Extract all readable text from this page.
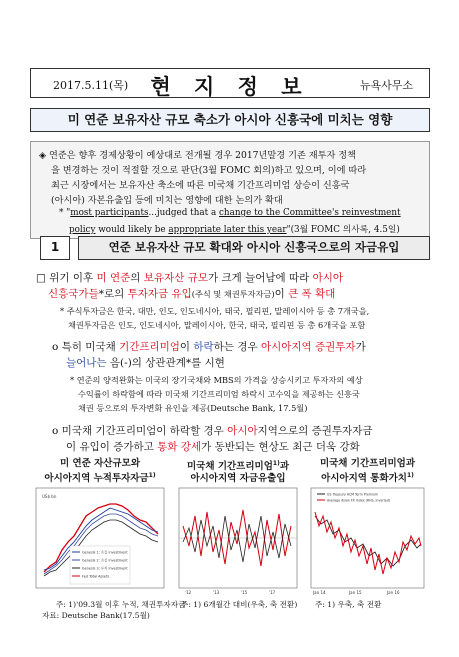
2017.5.11(목)	현 지 정 보	뉴욕사무소
미 연준 보유자산 규모 축소가 아시아 신흥국에 미치는 영향
◈ 연준은 향후 경제상황이 예상대로 전개될 경우 2017년말경 기존 재투자 정책
을 변경하는 것이 적절할 것으로 판단(3월 FOMC 회의)하고 있으며, 이에 따라
최근 시장에서는 보유자산 축소에 따른 미국채 기간프리미엄 상승이 신흥국
(아시아) 자본유출입 등에 미치는 영향에 대한 논의가 확대
* "most participants...judged that a change to the Committee's reinvestment
policy would likely be appropriate later this year"(3월 FOMC 의사록, 4.5일)
1	연준 보유자산 규모 확대와 아시아 신흥국으로의 자금유입
□ 위기 이후 미 연준의 보유자산 규모가 크게 늘어남에 따라 아시아
신흥국가들*로의 투자자금 유입(주식 및 채권투자자금)이 큰 폭 확대
* 주식투자금은 한국, 대만, 인도, 인도네시아, 태국, 필리핀, 말레이시아 등 총 7개국을,
채권투자금은 인도, 인도네시아, 말레이시아, 한국, 태국, 필리핀 등 총 6개국을 포함
o 특히 미국채 기간프리미엄이 하락하는 경우 아시아지역 증권투자가
늘어나는 음(-)의 상관관계*를 시현
* 연준의 양적완화는 미국의 장기국채와 MBS의 가격을 상승시키고 투자자의 예상
수익률이 하락함에 따라 미국채 기간프리미엄 하락시 고수익을 제공하는 신흥국
채권 등으로의 투자변화 유인을 제공(Deutsche Bank, 17.5월)
o 미국채 기간프리미엄이 하락할 경우 아시아지역으로의 증권투자자금
이 유입이 증가하고 통화 강세가 동반되는 현상도 최근 더욱 강화
미 연준 자산규모와
아시아지역 누적투자자금$^{1)}$
US$ bn
Genesis 1: 흐름 investment
Genesis 2: 흐름 investment
Genesis 3: 투자 investment
Fed Total Assets
주: 1)'09.3월 이후 누적, 채권투자자금
자료: Deutsche Bank(17.5월)
미국채 기간프리미엄$^{1)}$과
아시아지역 자금유출입
'12	'13	'15	'17
주: 1) 6개월간 대비(우축, 축 전환)
미국채 기간프리미엄과
아시아지역 통화가치$^{1)}$
US Treasury ACM Term Premium
Average Asian FX Index (RHS, inverted)
Jan 14	Jan 15	Jan 16
주: 1) 우축, 축 전환
